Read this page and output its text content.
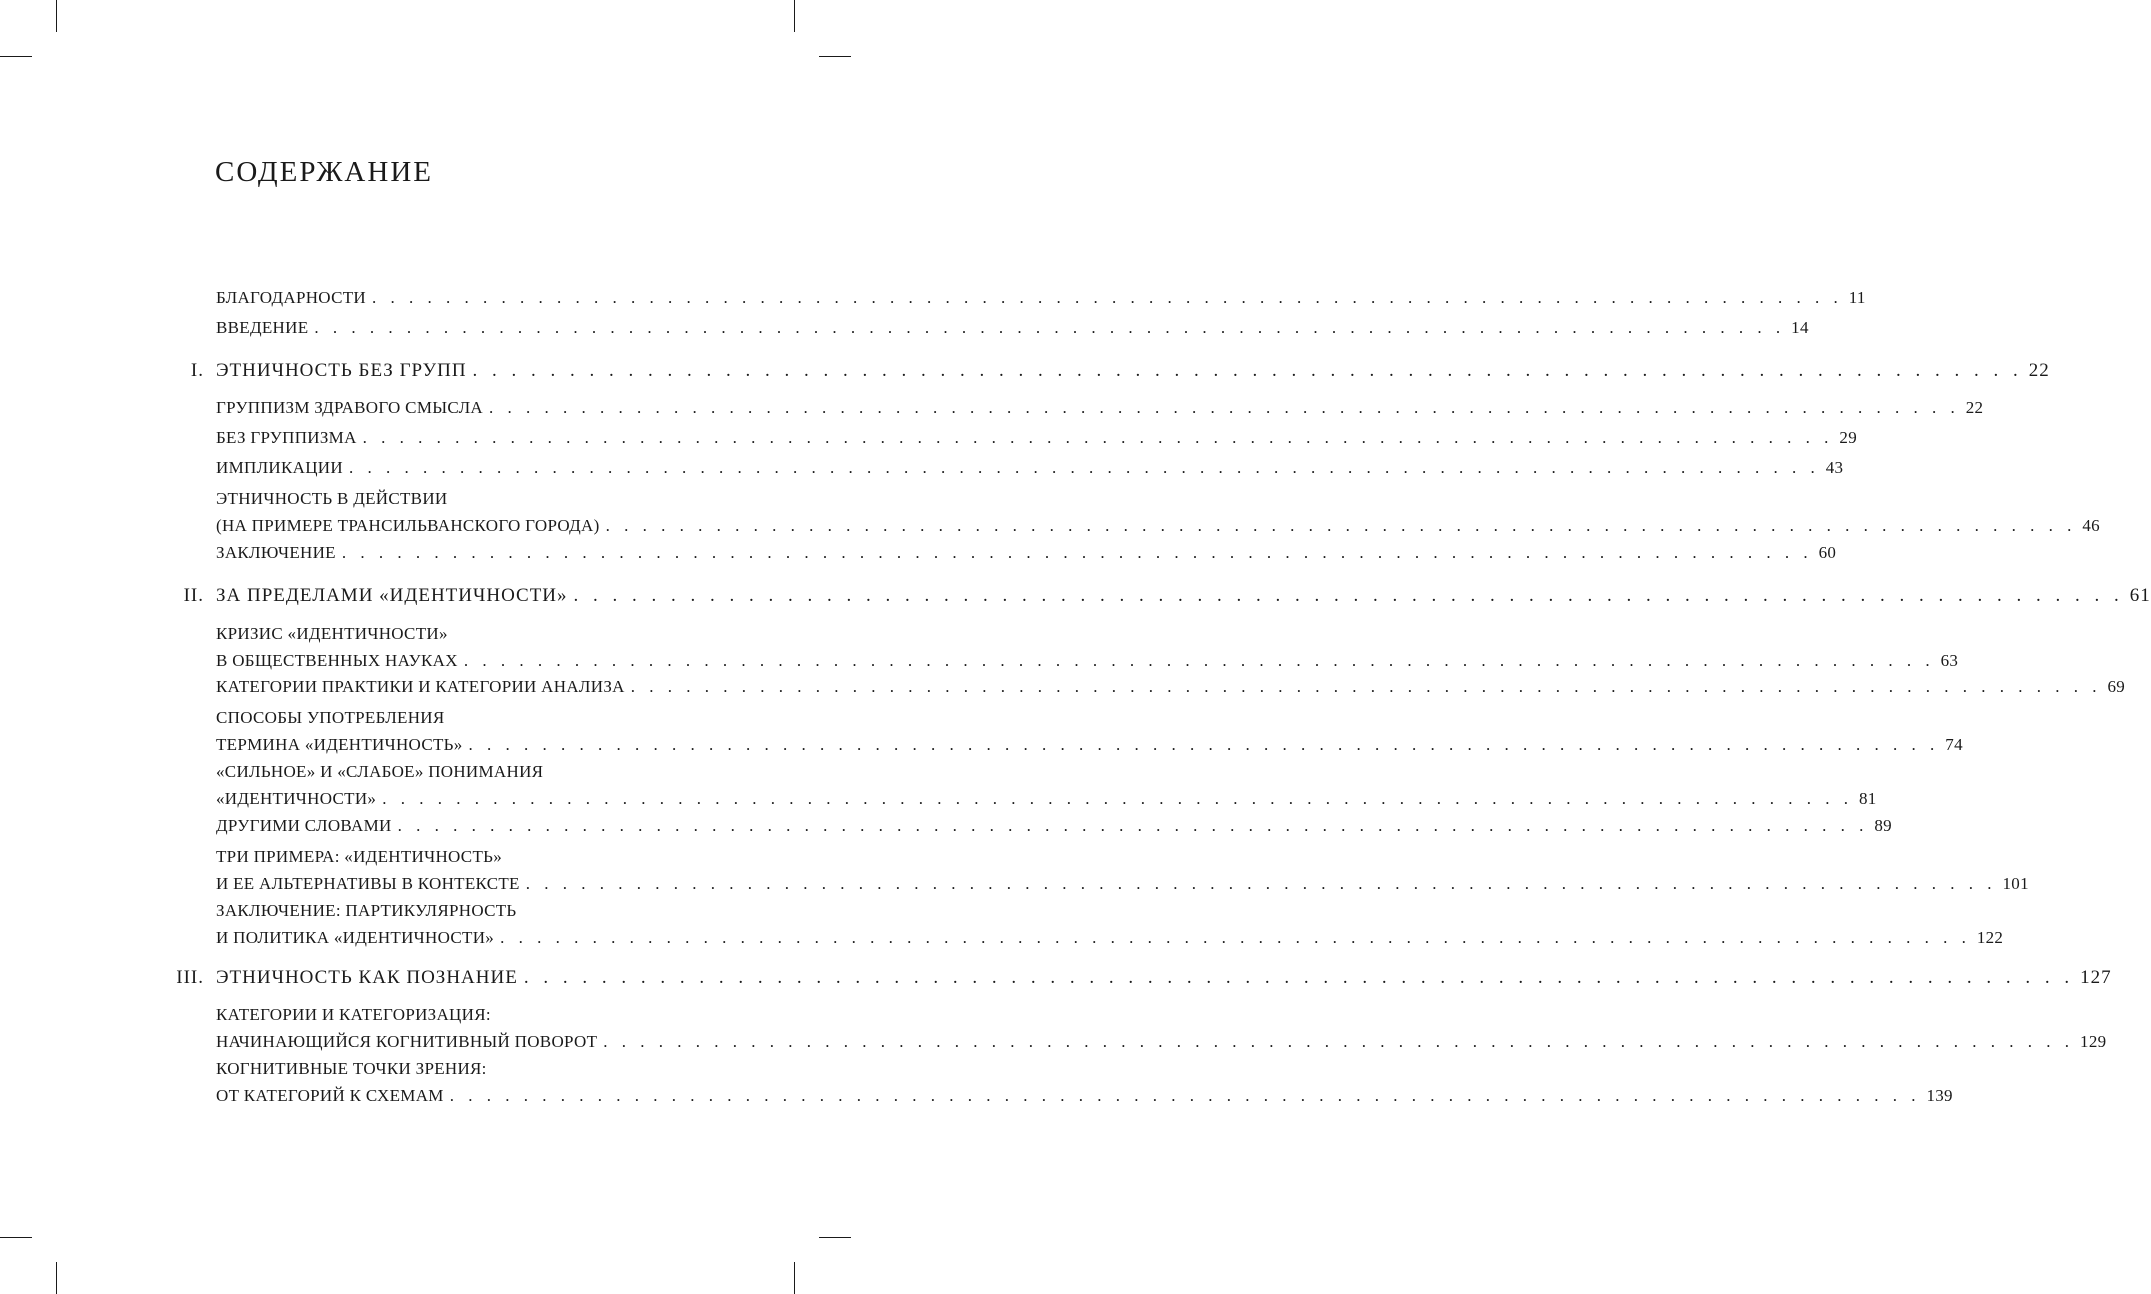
СОДЕРЖАНИЕ
БЛАГОДАРНОСТИ . . . . . . . . . . . . . . . . . . . . . . . . . . . . . . . . . . . . . . . . . . . . . . . . . . . . . . . . . . . . . . . . . . . . . . . . . . . . . . . . 11
ВВЕДЕНИЕ . . . . . . . . . . . . . . . . . . . . . . . . . . . . . . . . . . . . . . . . . . . . . . . . . . . . . . . . . . . . . . . . . . . . . . . . . . . . . . . . 14
I. ЭТНИЧНОСТЬ БЕЗ ГРУПП . . . . . . . . . . . . . . . . . . . . . . . . . . . . . . . . . . . . . . . . . . . . . . . . . . . . . . . . . . . . . . . . . . . . . . . . . . . . . . . . 22
ГРУППИЗМ ЗДРАВОГО СМЫСЛА . . . . . . . . . . . . . . . . . . . . . . . . . . . . . . . . . . . . . . . . . . . . . . . . . . . . . . . . . . . . . . . . . . . . . . . . . . . . . . . . 22
БЕЗ ГРУППИЗМА . . . . . . . . . . . . . . . . . . . . . . . . . . . . . . . . . . . . . . . . . . . . . . . . . . . . . . . . . . . . . . . . . . . . . . . . . . . . . . . . 29
ИМПЛИКАЦИИ . . . . . . . . . . . . . . . . . . . . . . . . . . . . . . . . . . . . . . . . . . . . . . . . . . . . . . . . . . . . . . . . . . . . . . . . . . . . . . . . 43
ЭТНИЧНОСТЬ В ДЕЙСТВИИ
(НА ПРИМЕРЕ ТРАНСИЛЬВАНСКОГО ГОРОДА) . . . . . . . . . . . . . . . . . . . . . . . . . . . . . . . . . . . . . . . . . . . . . . . . . . . . . . . . . . . . . . . . . . . . . . . . . . . . . . . . 46
ЗАКЛЮЧЕНИЕ . . . . . . . . . . . . . . . . . . . . . . . . . . . . . . . . . . . . . . . . . . . . . . . . . . . . . . . . . . . . . . . . . . . . . . . . . . . . . . . . 60
II. ЗА ПРЕДЕЛАМИ «ИДЕНТИЧНОСТИ» . . . . . . . . . . . . . . . . . . . . . . . . . . . . . . . . . . . . . . . . . . . . . . . . . . . . . . . . . . . . . . . . . . . . . . . . . . . . . . . . 61
КРИЗИС «ИДЕНТИЧНОСТИ»
В ОБЩЕСТВЕННЫХ НАУКАХ . . . . . . . . . . . . . . . . . . . . . . . . . . . . . . . . . . . . . . . . . . . . . . . . . . . . . . . . . . . . . . . . . . . . . . . . . . . . . . . . 63
КАТЕГОРИИ ПРАКТИКИ И КАТЕГОРИИ АНАЛИЗА . . . . . . . . . . . . . . . . . . . . . . . . . . . . . . . . . . . . . . . . . . . . . . . . . . . . . . . . . . . . . . . . . . . . . . . . . . . . . . . . 69
СПОСОБЫ УПОТРЕБЛЕНИЯ
ТЕРМИНА «ИДЕНТИЧНОСТЬ» . . . . . . . . . . . . . . . . . . . . . . . . . . . . . . . . . . . . . . . . . . . . . . . . . . . . . . . . . . . . . . . . . . . . . . . . . . . . . . . . 74
«СИЛЬНОЕ» И «СЛАБОЕ» ПОНИМАНИЯ
«ИДЕНТИЧНОСТИ» . . . . . . . . . . . . . . . . . . . . . . . . . . . . . . . . . . . . . . . . . . . . . . . . . . . . . . . . . . . . . . . . . . . . . . . . . . . . . . . . 81
ДРУГИМИ СЛОВАМИ . . . . . . . . . . . . . . . . . . . . . . . . . . . . . . . . . . . . . . . . . . . . . . . . . . . . . . . . . . . . . . . . . . . . . . . . . . . . . . . . 89
ТРИ ПРИМЕРА: «ИДЕНТИЧНОСТЬ»
И ЕЕ АЛЬТЕРНАТИВЫ В КОНТЕКСТЕ . . . . . . . . . . . . . . . . . . . . . . . . . . . . . . . . . . . . . . . . . . . . . . . . . . . . . . . . . . . . . . . . . . . . . . . . . . . . . . . . 101
ЗАКЛЮЧЕНИЕ: ПАРТИКУЛЯРНОСТЬ
И ПОЛИТИКА «ИДЕНТИЧНОСТИ» . . . . . . . . . . . . . . . . . . . . . . . . . . . . . . . . . . . . . . . . . . . . . . . . . . . . . . . . . . . . . . . . . . . . . . . . . . . . . . . . 122
III. ЭТНИЧНОСТЬ КАК ПОЗНАНИЕ . . . . . . . . . . . . . . . . . . . . . . . . . . . . . . . . . . . . . . . . . . . . . . . . . . . . . . . . . . . . . . . . . . . . . . . . . . . . . . . . 127
КАТЕГОРИИ И КАТЕГОРИЗАЦИЯ:
НАЧИНАЮЩИЙСЯ КОГНИТИВНЫЙ ПОВОРОТ . . . . . . . . . . . . . . . . . . . . . . . . . . . . . . . . . . . . . . . . . . . . . . . . . . . . . . . . . . . . . . . . . . . . . . . . . . . . . . . . 129
КОГНИТИВНЫЕ ТОЧКИ ЗРЕНИЯ:
ОТ КАТЕГОРИЙ К СХЕМАМ . . . . . . . . . . . . . . . . . . . . . . . . . . . . . . . . . . . . . . . . . . . . . . . . . . . . . . . . . . . . . . . . . . . . . . . . . . . . . . . . 139
